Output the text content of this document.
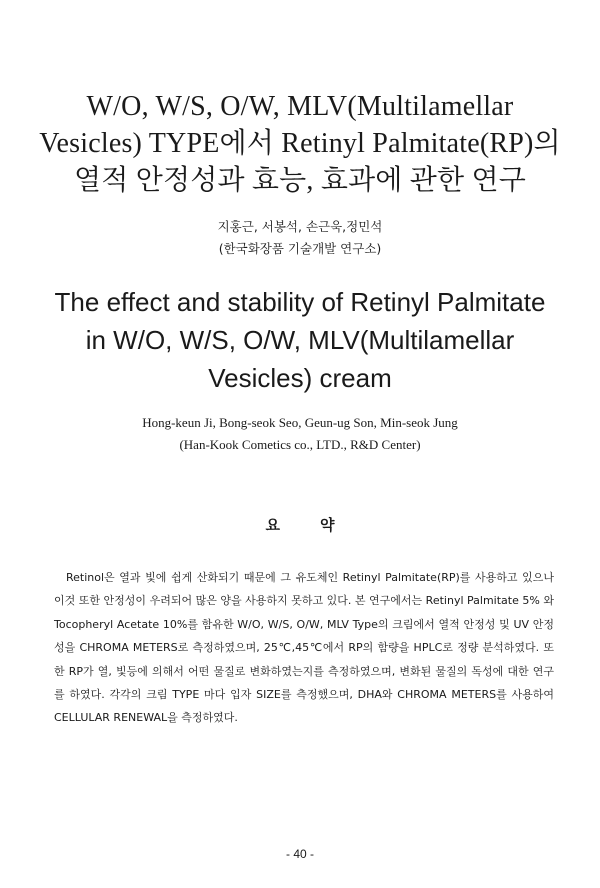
W/O, W/S, O/W, MLV(Multilamellar
Vesicles) TYPE에서 Retinyl Palmitate(RP)의
열적 안정성과 효능, 효과에 관한 연구
지홍근, 서봉석, 손근욱,정민석
(한국화장품 기술개발 연구소)
The effect and stability of Retinyl Palmitate
in W/O, W/S, O/W, MLV(Multilamellar
Vesicles) cream
Hong-keun Ji, Bong-seok Seo, Geun-ug Son, Min-seok Jung
(Han-Kook Cometics co., LTD., R&D Center)
요약
Retinol은 열과 빛에 쉽게 산화되기 때문에 그 유도체인 Retinyl Palmitate(RP)를 사용하고 있으나 이것 또한 안정성이 우려되어 많은 양을 사용하지 못하고 있다. 본 연구에서는 Retinyl Palmitate 5% 와 Tocopheryl Acetate 10%를 함유한 W/O, W/S, O/W, MLV Type의 크림에서 열적 안정성 및 UV 안정성을 CHROMA METERS로 측정하였으며, 25℃,45℃에서 RP의 함량을 HPLC로 정량 분석하였다. 또한 RP가 열, 빛등에 의해서 어떤 물질로 변화하였는지를 측정하였으며, 변화된 물질의 독성에 대한 연구를 하였다. 각각의 크림 TYPE 마다 입자 SIZE를 측정했으며, DHA와 CHROMA METERS를 사용하여 CELLULAR RENEWAL을 측정하였다.
- 40 -
